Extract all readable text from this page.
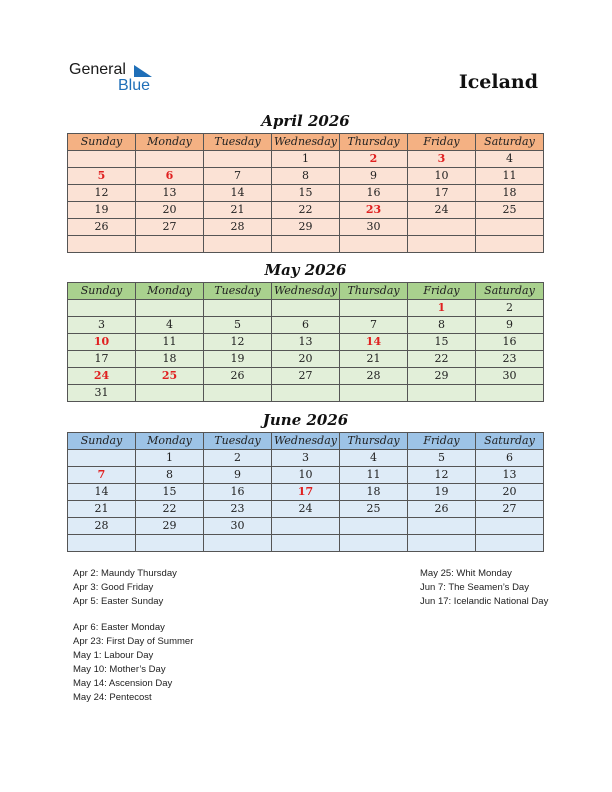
General
Blue	Iceland
April 2026
Sunday	Monday	Tuesday	Wednesday	Thursday	Friday	Saturday
			1	2	3	4
5	6	7	8	9	10	11
12	13	14	15	16	17	18
19	20	21	22	23	24	25
26	27	28	29	30		

May 2026
Sunday	Monday	Tuesday	Wednesday	Thursday	Friday	Saturday
					1	2
3	4	5	6	7	8	9
10	11	12	13	14	15	16
17	18	19	20	21	22	23
24	25	26	27	28	29	30
31						
June 2026
Sunday	Monday	Tuesday	Wednesday	Thursday	Friday	Saturday
	1	2	3	4	5	6
7	8	9	10	11	12	13
14	15	16	17	18	19	20
21	22	23	24	25	26	27
28	29	30				

Apr 2: Maundy Thursday
Apr 3: Good Friday
Apr 5: Easter Sunday
Apr 6: Easter Monday
Apr 23: First Day of Summer
May 1: Labour Day
May 10: Mother’s Day
May 14: Ascension Day
May 24: Pentecost
May 25: Whit Monday
Jun 7: The Seamen’s Day
Jun 17: Icelandic National Day
